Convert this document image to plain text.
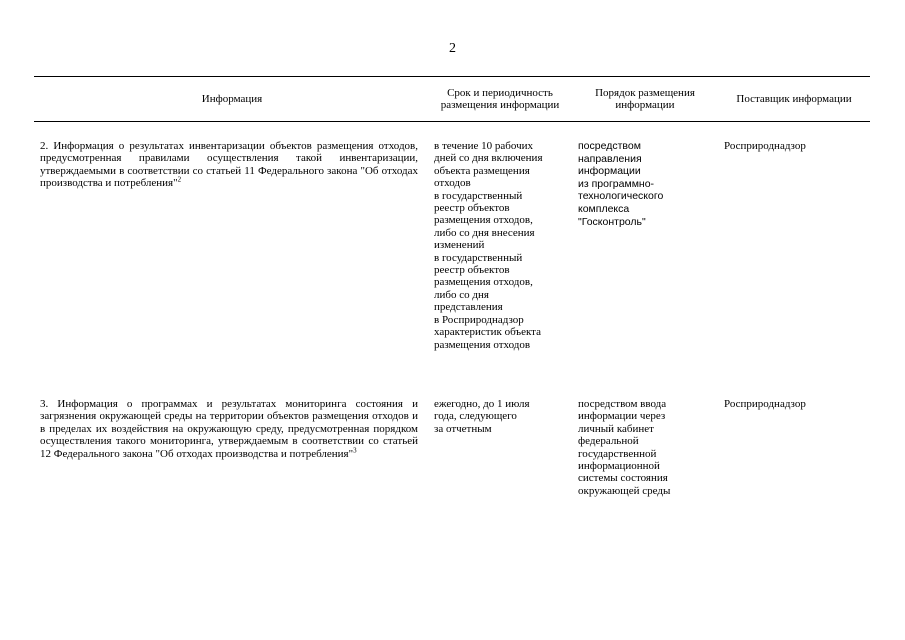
2
Информация
Срок и периодичность размещения информации
Порядок размещения информации
Поставщик информации
2. Информация о результатах инвентаризации объектов размещения отходов, предусмотренная правилами осуществления такой инвентаризации, утверждаемыми в соответствии со статьей 11 Федерального закона "Об отходах производства и потребления"$^2$
в течение 10 рабочих
дней со дня включения
объекта размещения
отходов
в государственный
реестр объектов
размещения отходов,
либо со дня внесения
изменений
в государственный
реестр объектов
размещения отходов,
либо со дня
представления
в Росприроднадзор
характеристик объекта
размещения отходов
посредством
направления
информации
из программно-
технологического
комплекса
"Госконтроль"
Росприроднадзор
3. Информация о программах и результатах мониторинга состояния и загрязнения окружающей среды на территории объектов размещения отходов и в пределах их воздействия на окружающую среду, предусмотренная порядком осуществления такого мониторинга, утверждаемым в соответствии со статьей 12 Федерального закона "Об отходах производства и потребления"$^3$
ежегодно, до 1 июля
года, следующего
за отчетным
посредством ввода
информации через
личный кабинет
федеральной
государственной
информационной
системы состояния
окружающей среды
Росприроднадзор
